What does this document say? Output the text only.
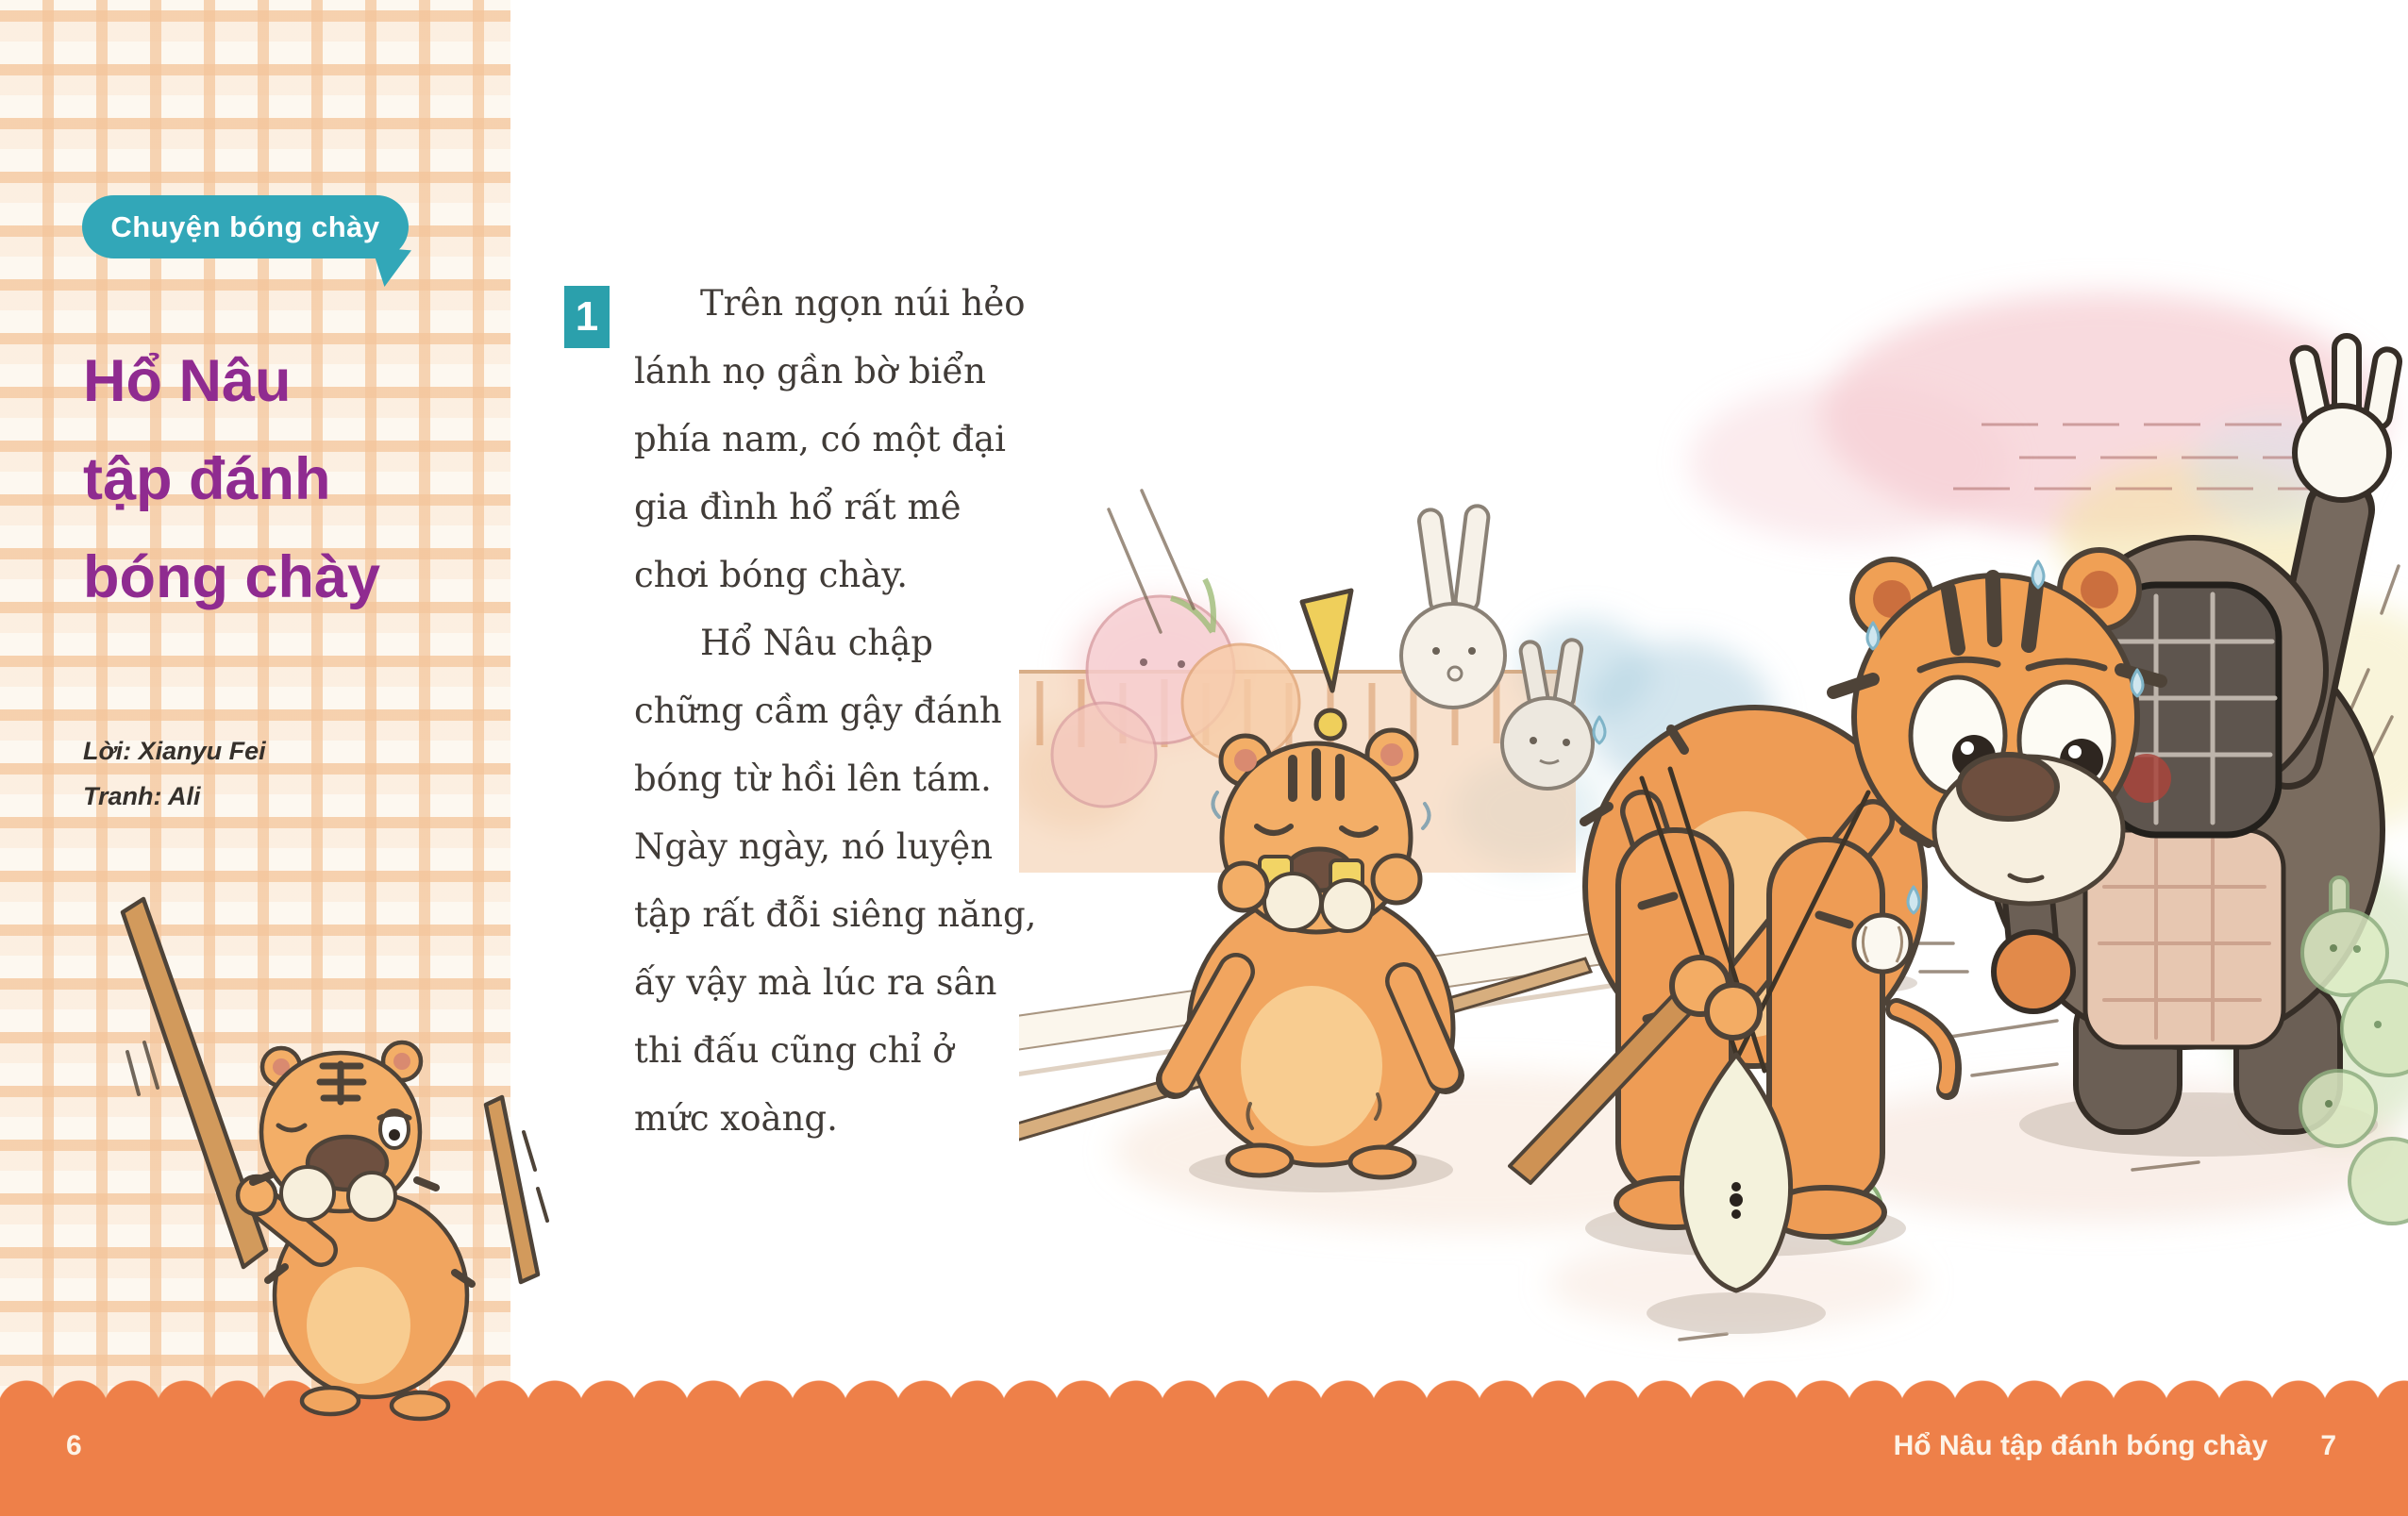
Chuyện bóng chày
Hổ Nâu
tập đánh
bóng chày
Lời: Xianyu Fei
Tranh: Ali
1	Trên ngọn núi hẻo
lánh nọ gần bờ biển
phía nam, có một đại
gia đình hổ rất mê
chơi bóng chày.
Hổ Nâu chập
chững cầm gậy đánh
bóng từ hồi lên tám.
Ngày ngày, nó luyện
tập rất đỗi siêng năng,
ấy vậy mà lúc ra sân
thi đấu cũng chỉ ở
mức xoàng.
6	Hổ Nâu tập đánh bóng chày 7
